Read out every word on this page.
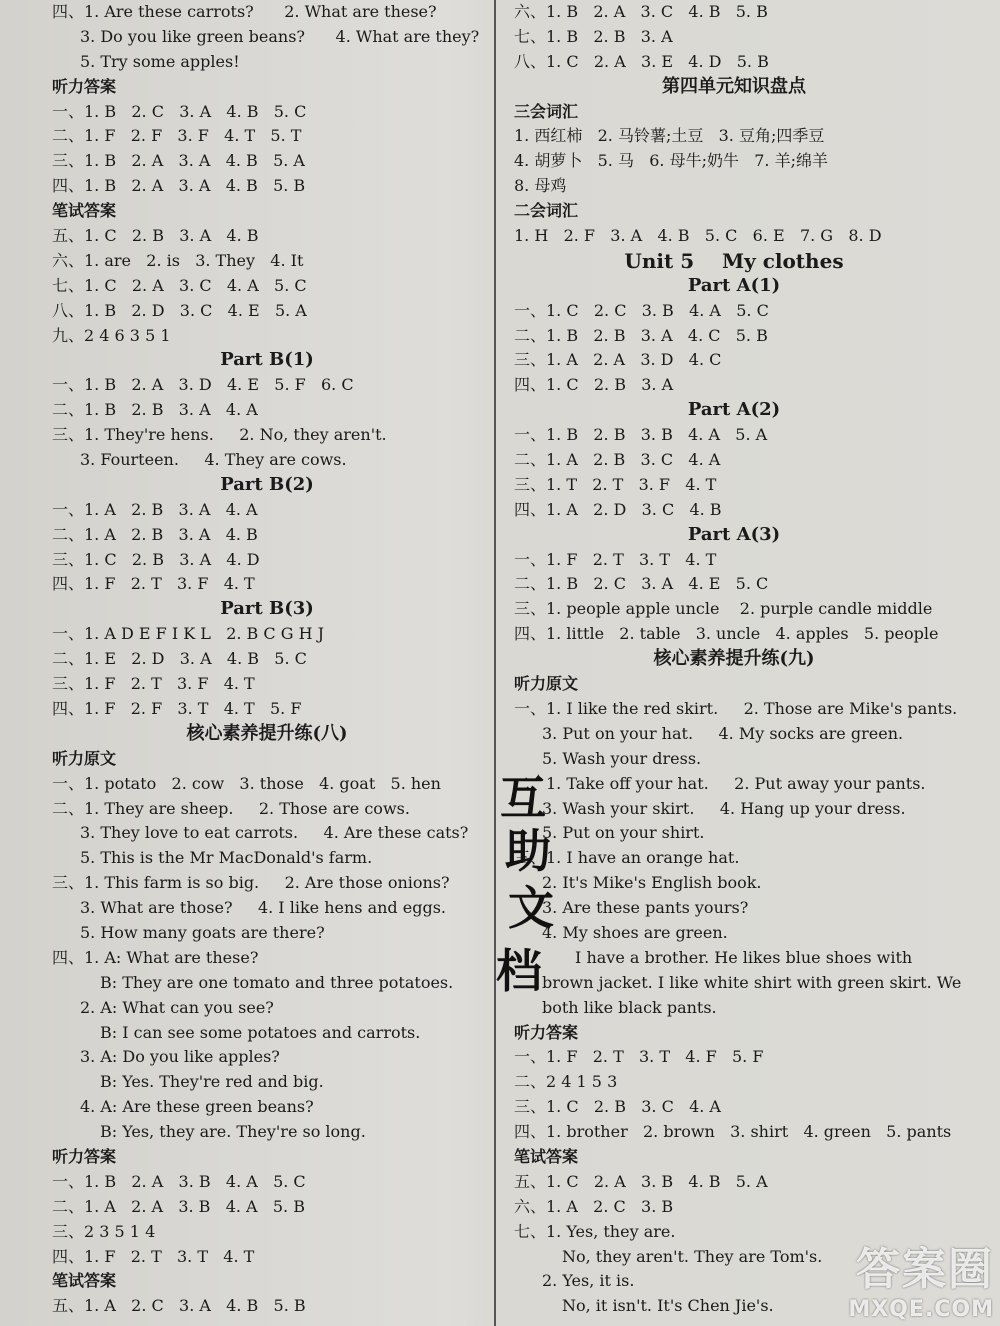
四、1. Are these carrots?      2. What are these?
3. Do you like green beans?      4. What are they?
5. Try some apples!
听力答案
一、1. B   2. C   3. A   4. B   5. C
二、1. F   2. F   3. F   4. T   5. T
三、1. B   2. A   3. A   4. B   5. A
四、1. B   2. A   3. A   4. B   5. B
笔试答案
五、1. C   2. B   3. A   4. B
六、1. are   2. is   3. They   4. It
七、1. C   2. A   3. C   4. A   5. C
八、1. B   2. D   3. C   4. E   5. A
九、2 4 6 3 5 1
Part B(1)
一、1. B   2. A   3. D   4. E   5. F   6. C
二、1. B   2. B   3. A   4. A
三、1. They're hens.     2. No, they aren't.
3. Fourteen.     4. They are cows.
Part B(2)
一、1. A   2. B   3. A   4. A
二、1. A   2. B   3. A   4. B
三、1. C   2. B   3. A   4. D
四、1. F   2. T   3. F   4. T
Part B(3)
一、1. A D E F I K L   2. B C G H J
二、1. E   2. D   3. A   4. B   5. C
三、1. F   2. T   3. F   4. T
四、1. F   2. F   3. T   4. T   5. F
核心素养提升练(八)
听力原文
一、1. potato   2. cow   3. those   4. goat   5. hen
二、1. They are sheep.     2. Those are cows.
3. They love to eat carrots.     4. Are these cats?
5. This is the Mr MacDonald's farm.
三、1. This farm is so big.     2. Are those onions?
3. What are those?     4. I like hens and eggs.
5. How many goats are there?
四、1. A: What are these?
B: They are one tomato and three potatoes.
2. A: What can you see?
B: I can see some potatoes and carrots.
3. A: Do you like apples?
B: Yes. They're red and big.
4. A: Are these green beans?
B: Yes, they are. They're so long.
听力答案
一、1. B   2. A   3. B   4. A   5. C
二、1. A   2. A   3. B   4. A   5. B
三、2 3 5 1 4
四、1. F   2. T   3. T   4. T
笔试答案
五、1. A   2. C   3. A   4. B   5. B
六、1. B   2. A   3. C   4. B   5. B
七、1. B   2. B   3. A
八、1. C   2. A   3. E   4. D   5. B
第四单元知识盘点
三会词汇
1. 西红柿   2. 马铃薯;土豆   3. 豆角;四季豆
4. 胡萝卜   5. 马   6. 母牛;奶牛   7. 羊;绵羊
8. 母鸡
二会词汇
1. H   2. F   3. A   4. B   5. C   6. E   7. G   8. D
Unit 5    My clothes
Part A(1)
一、1. C   2. C   3. B   4. A   5. C
二、1. B   2. B   3. A   4. C   5. B
三、1. A   2. A   3. D   4. C
四、1. C   2. B   3. A
Part A(2)
一、1. B   2. B   3. B   4. A   5. A
二、1. A   2. B   3. C   4. A
三、1. T   2. T   3. F   4. T
四、1. A   2. D   3. C   4. B
Part A(3)
一、1. F   2. T   3. T   4. T
二、1. B   2. C   3. A   4. E   5. C
三、1. people apple uncle    2. purple candle middle
四、1. little   2. table   3. uncle   4. apples   5. people
核心素养提升练(九)
听力原文
一、1. I like the red skirt.     2. Those are Mike's pants.
3. Put on your hat.     4. My socks are green.
5. Wash your dress.
二、1. Take off your hat.     2. Put away your pants.
3. Wash your skirt.     4. Hang up your dress.
5. Put on your shirt.
三、1. I have an orange hat.
2. It's Mike's English book.
3. Are these pants yours?
4. My shoes are green.
I have a brother. He likes blue shoes with
brown jacket. I like white shirt with green skirt. We
both like black pants.
听力答案
一、1. F   2. T   3. T   4. F   5. F
二、2 4 1 5 3
三、1. C   2. B   3. C   4. A
四、1. brother   2. brown   3. shirt   4. green   5. pants
笔试答案
五、1. C   2. A   3. B   4. B   5. A
六、1. A   2. C   3. B
七、1. Yes, they are.
No, they aren't. They are Tom's.
2. Yes, it is.
No, it isn't. It's Chen Jie's.
互
助
文
档
答案圈
MXQE.COM
